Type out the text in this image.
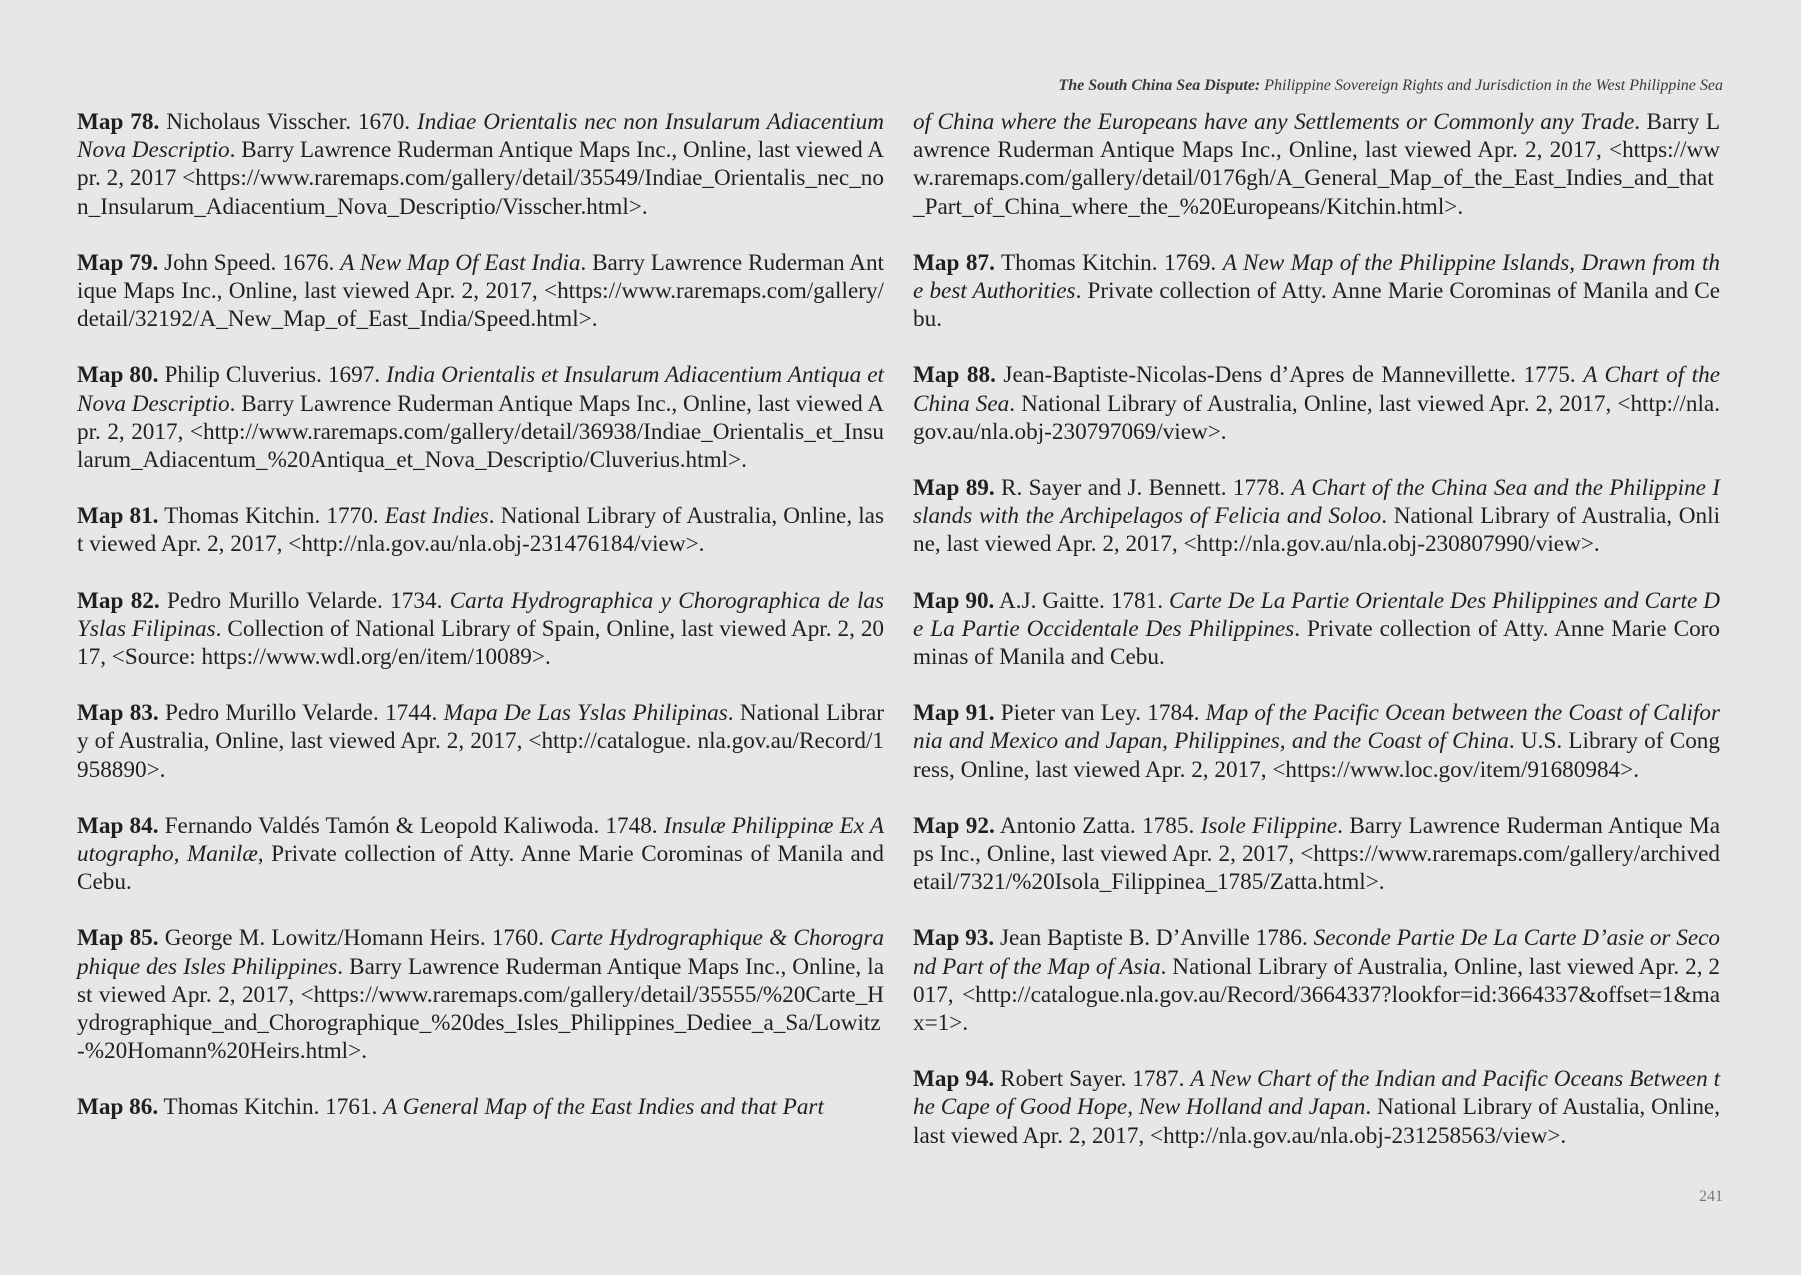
The South China Sea Dispute: Philippine Sovereign Rights and Jurisdiction in the West Philippine Sea

Map 78. Nicholaus Visscher. 1670. Indiae Orientalis nec non Insularum Adiacentium Nova Descriptio. Barry Lawrence Ruderman Antique Maps Inc., Online, last viewed Apr. 2, 2017 <https://www.raremaps.com/gallery/detail/35549/Indiae_Orientalis_nec_non_Insularum_Adiacentium_Nova_Descriptio/Visscher.html>.

Map 79. John Speed. 1676. A New Map Of East India. Barry Lawrence Ruderman Antique Maps Inc., Online, last viewed Apr. 2, 2017, <https://www.raremaps.com/gallery/detail/32192/A_New_Map_of_East_India/Speed.html>.

Map 80. Philip Cluverius. 1697. India Orientalis et Insularum Adiacentium Antiqua et Nova Descriptio. Barry Lawrence Ruderman Antique Maps Inc., Online, last viewed Apr. 2, 2017, <http://www.raremaps.com/gallery/detail/36938/Indiae_Orientalis_et_Insularum_Adiacentum_%20Antiqua_et_Nova_Descriptio/Cluverius.html>.

Map 81. Thomas Kitchin. 1770. East Indies. National Library of Australia, Online, last viewed Apr. 2, 2017, <http://nla.gov.au/nla.obj-231476184/view>.

Map 82. Pedro Murillo Velarde. 1734. Carta Hydrographica y Chorographica de las Yslas Filipinas. Collection of National Library of Spain, Online, last viewed Apr. 2, 2017, <Source: https://www.wdl.org/en/item/10089>.

Map 83. Pedro Murillo Velarde. 1744. Mapa De Las Yslas Philipinas. National Library of Australia, Online, last viewed Apr. 2, 2017, <http://catalogue. nla.gov.au/Record/1958890>.

Map 84. Fernando Valdés Tamón & Leopold Kaliwoda. 1748. Insulæ Philippinæ Ex Autographo, Manilæ, Private collection of Atty. Anne Marie Corominas of Manila and Cebu.

Map 85. George M. Lowitz/Homann Heirs. 1760. Carte Hydrographique & Chorographique des Isles Philippines. Barry Lawrence Ruderman Antique Maps Inc., Online, last viewed Apr. 2, 2017, <https://www.raremaps.com/gallery/detail/35555/%20Carte_Hydrographique_and_Chorographique_%20des_Isles_Philippines_Dediee_a_Sa/Lowitz-%20Homann%20Heirs.html>.

Map 86. Thomas Kitchin. 1761. A General Map of the East Indies and that Part

of China where the Europeans have any Settlements or Commonly any Trade. Barry Lawrence Ruderman Antique Maps Inc., Online, last viewed Apr. 2, 2017, <https://www.raremaps.com/gallery/detail/0176gh/A_General_Map_of_the_East_Indies_and_that_Part_of_China_where_the_%20Europeans/Kitchin.html>.

Map 87. Thomas Kitchin. 1769. A New Map of the Philippine Islands, Drawn from the best Authorities. Private collection of Atty. Anne Marie Corominas of Manila and Cebu.

Map 88. Jean-Baptiste-Nicolas-Dens d’Apres de Mannevillette. 1775. A Chart of the China Sea. National Library of Australia, Online, last viewed Apr. 2, 2017, <http://nla.gov.au/nla.obj-230797069/view>.

Map 89. R. Sayer and J. Bennett. 1778. A Chart of the China Sea and the Philippine Islands with the Archipelagos of Felicia and Soloo. National Library of Australia, Online, last viewed Apr. 2, 2017, <http://nla.gov.au/nla.obj-230807990/view>.

Map 90. A.J. Gaitte. 1781. Carte De La Partie Orientale Des Philippines and Carte De La Partie Occidentale Des Philippines. Private collection of Atty. Anne Marie Corominas of Manila and Cebu.

Map 91. Pieter van Ley. 1784. Map of the Pacific Ocean between the Coast of California and Mexico and Japan, Philippines, and the Coast of China. U.S. Library of Congress, Online, last viewed Apr. 2, 2017, <https://www.loc.gov/item/91680984>.

Map 92. Antonio Zatta. 1785. Isole Filippine. Barry Lawrence Ruderman Antique Maps Inc., Online, last viewed Apr. 2, 2017, <https://www.raremaps.com/gallery/archivedetail/7321/%20Isola_Filippinea_1785/Zatta.html>.

Map 93. Jean Baptiste B. D’Anville 1786. Seconde Partie De La Carte D’asie or Second Part of the Map of Asia. National Library of Australia, Online, last viewed Apr. 2, 2017, <http://catalogue.nla.gov.au/Record/3664337?lookfor=id:3664337&offset=1&max=1>.

Map 94. Robert Sayer. 1787. A New Chart of the Indian and Pacific Oceans Between the Cape of Good Hope, New Holland and Japan. National Library of Austalia, Online, last viewed Apr. 2, 2017, <http://nla.gov.au/nla.obj-231258563/view>.

241
